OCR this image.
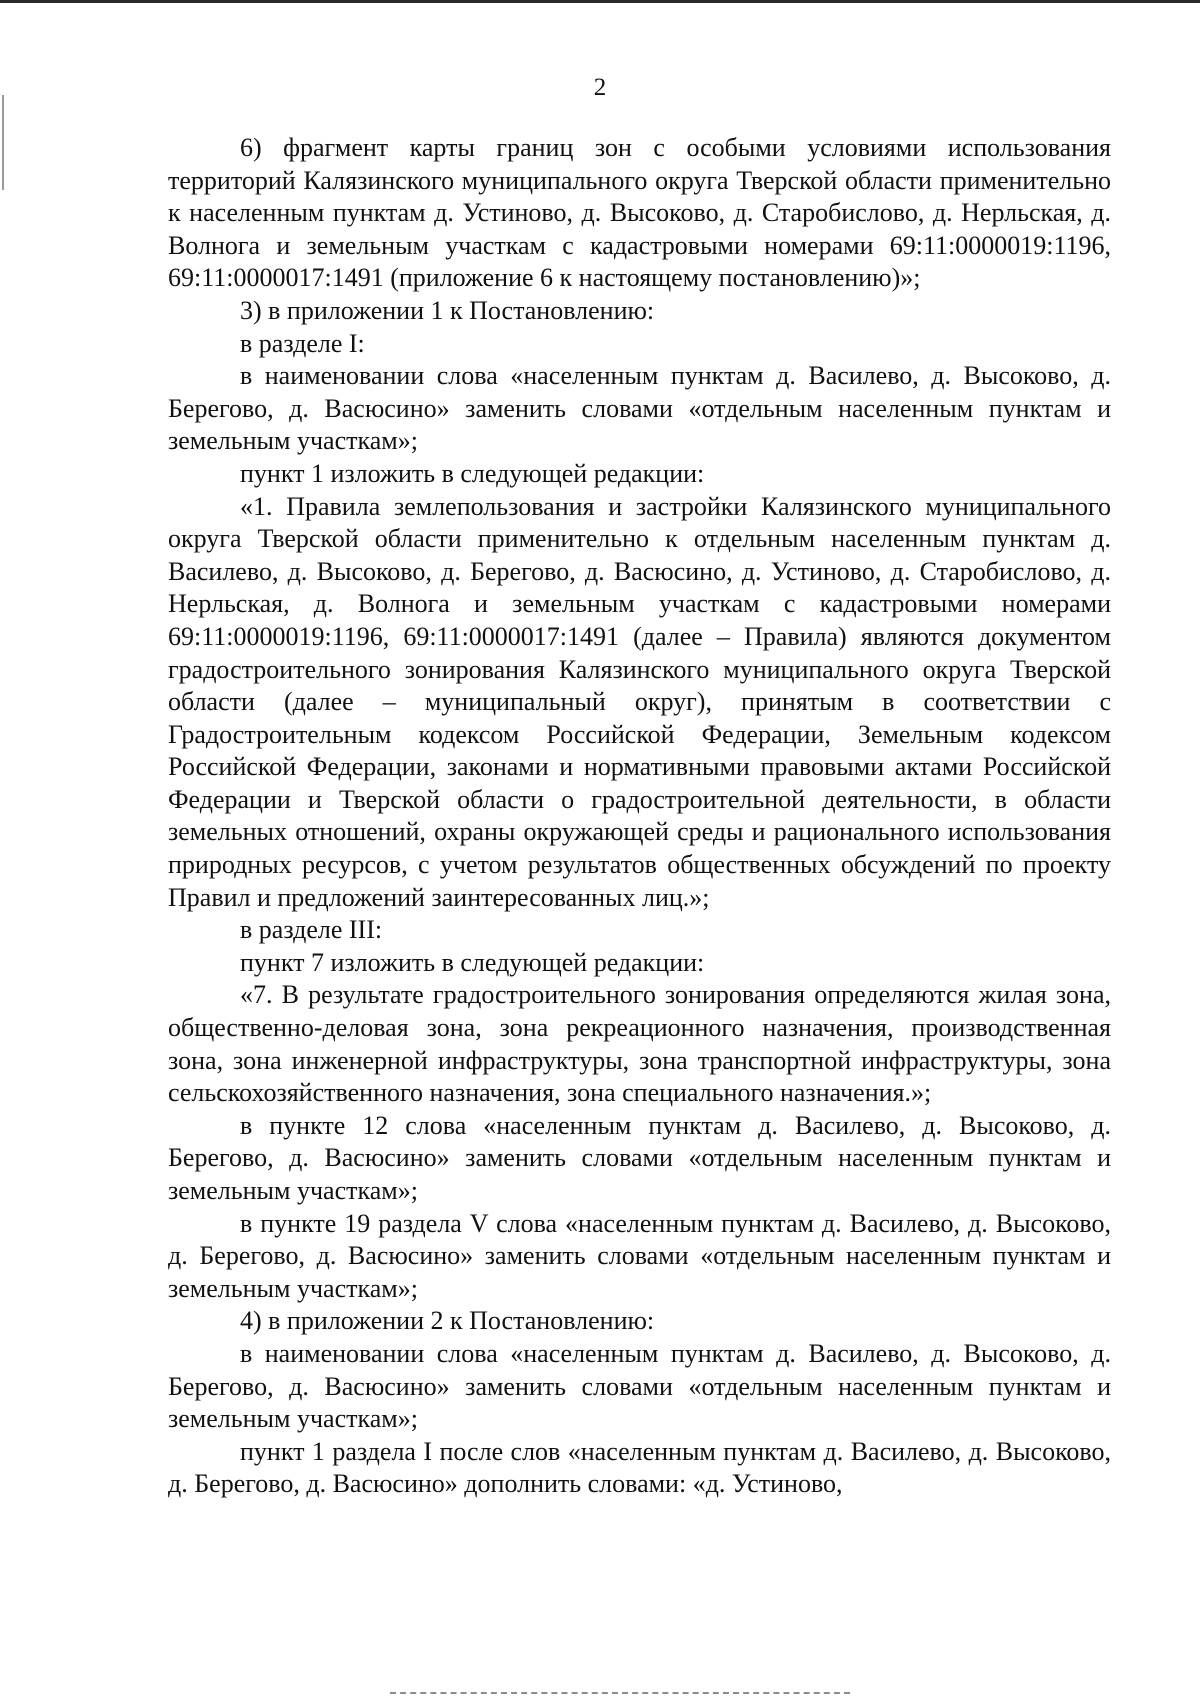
2

6) фрагмент карты границ зон с особыми условиями использования территорий Калязинского муниципального округа Тверской области применительно к населенным пунктам д. Устиново, д. Высоково, д. Старобислово, д. Нерльская, д. Волнога и земельным участкам с кадастровыми номерами 69:11:0000019:1196, 69:11:0000017:1491 (приложение 6 к настоящему постановлению)»;

3) в приложении 1 к Постановлению:

в разделе I:

в наименовании слова «населенным пунктам д. Василево, д. Высоково, д. Берегово, д. Васюсино» заменить словами «отдельным населенным пунктам и земельным участкам»;

пункт 1 изложить в следующей редакции:

«1. Правила землепользования и застройки Калязинского муниципального округа Тверской области применительно к отдельным населенным пунктам д. Василево, д. Высоково, д. Берегово, д. Васюсино, д. Устиново, д. Старобислово, д. Нерльская, д. Волнога и земельным участкам с кадастровыми номерами 69:11:0000019:1196, 69:11:0000017:1491 (далее – Правила) являются документом градостроительного зонирования Калязинского муниципального округа Тверской области (далее – муниципальный округ), принятым в соответствии с Градостроительным кодексом Российской Федерации, Земельным кодексом Российской Федерации, законами и нормативными правовыми актами Российской Федерации и Тверской области о градостроительной деятельности, в области земельных отношений, охраны окружающей среды и рационального использования природных ресурсов, с учетом результатов общественных обсуждений по проекту Правил и предложений заинтересованных лиц.»;

в разделе III:

пункт 7 изложить в следующей редакции:

«7. В результате градостроительного зонирования определяются жилая зона, общественно-деловая зона, зона рекреационного назначения, производственная зона, зона инженерной инфраструктуры, зона транспортной инфраструктуры, зона сельскохозяйственного назначения, зона специального назначения.»;

в пункте 12 слова «населенным пунктам д. Василево, д. Высоково, д. Берегово, д. Васюсино» заменить словами «отдельным населенным пунктам и земельным участкам»;

в пункте 19 раздела V слова «населенным пунктам д. Василево, д. Высоково, д. Берегово, д. Васюсино» заменить словами «отдельным населенным пунктам и земельным участкам»;

4) в приложении 2 к Постановлению:

в наименовании слова «населенным пунктам д. Василево, д. Высоково, д. Берегово, д. Васюсино» заменить словами «отдельным населенным пунктам и земельным участкам»;

пункт 1 раздела I после слов «населенным пунктам д. Василево, д. Высоково, д. Берегово, д. Васюсино» дополнить словами: «д. Устиново,
